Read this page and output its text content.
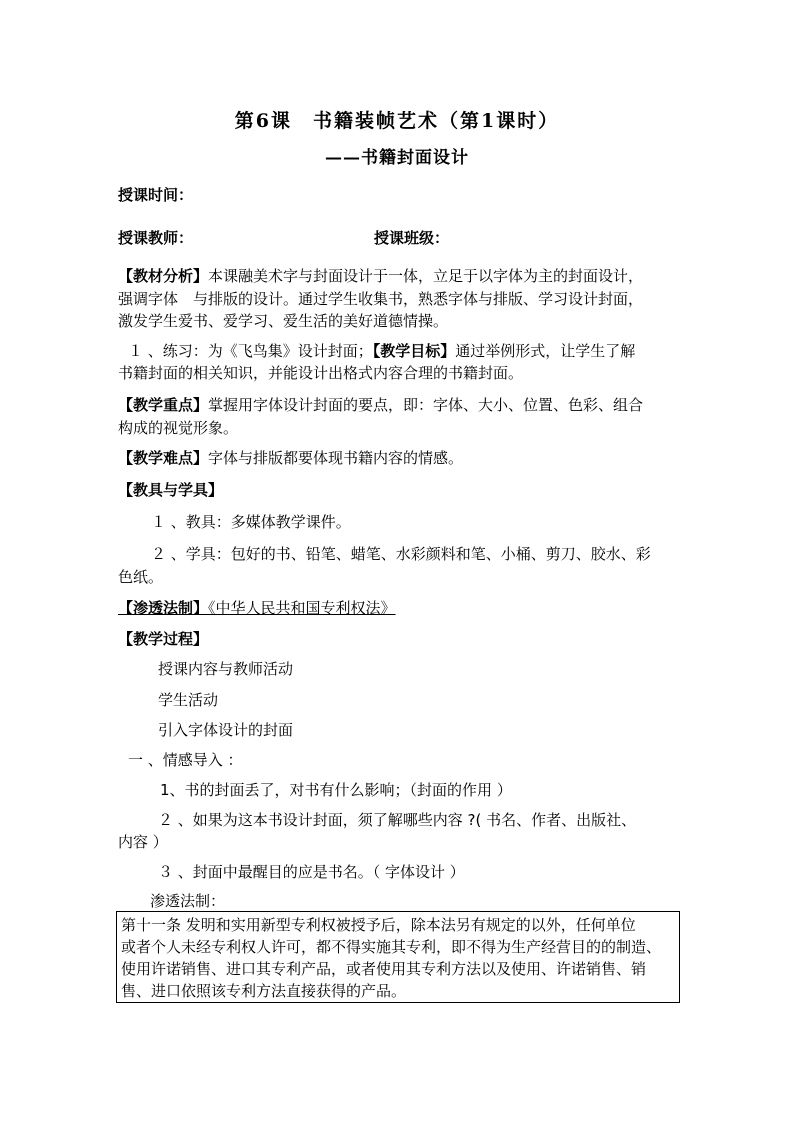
第6课　书籍装帧艺术（第1课时）
——书籍封面设计
授课时间：
授课教师：	授课班级：
【教材分析】本课融美术字与封面设计于一体，立足于以字体为主的封面设计，
强调字体　与排版的设计。通过学生收集书，熟悉字体与排版、学习设计封面，
激发学生爱书、爱学习、爱生活的美好道德情操。
１ 、练习：为《飞鸟集》设计封面；【教学目标】通过举例形式，让学生了解
书籍封面的相关知识，并能设计出格式内容合理的书籍封面。
【教学重点】掌握用字体设计封面的要点，即：字体、大小、位置、色彩、组合
构成的视觉形象。
【教学难点】字体与排版都要体现书籍内容的情感。
【教具与学具】
１ 、教具：多媒体教学课件。
２ 、学具：包好的书、铅笔、蜡笔、水彩颜料和笔、小桶、剪刀、胶水、彩
色纸。
【渗透法制】《中华人民共和国专利权法》
【教学过程】
授课内容与教师活动
学生活动
引入字体设计的封面
一 、情感导入 ：
1、书的封面丢了，对书有什么影响；（封面的作用 ）
２ 、如果为这本书设计封面，须了解哪些内容 ?( 书名、作者、出版社、
内容 ）
３ 、封面中最醒目的应是书名。（ 字体设计 ）
渗透法制：
第十一条 发明和实用新型专利权被授予后，除本法另有规定的以外，任何单位
或者个人未经专利权人许可，都不得实施其专利，即不得为生产经营目的的制造、
使用许诺销售、进口其专利产品，或者使用其专利方法以及使用、许诺销售、销
售、进口依照该专利方法直接获得的产品。
